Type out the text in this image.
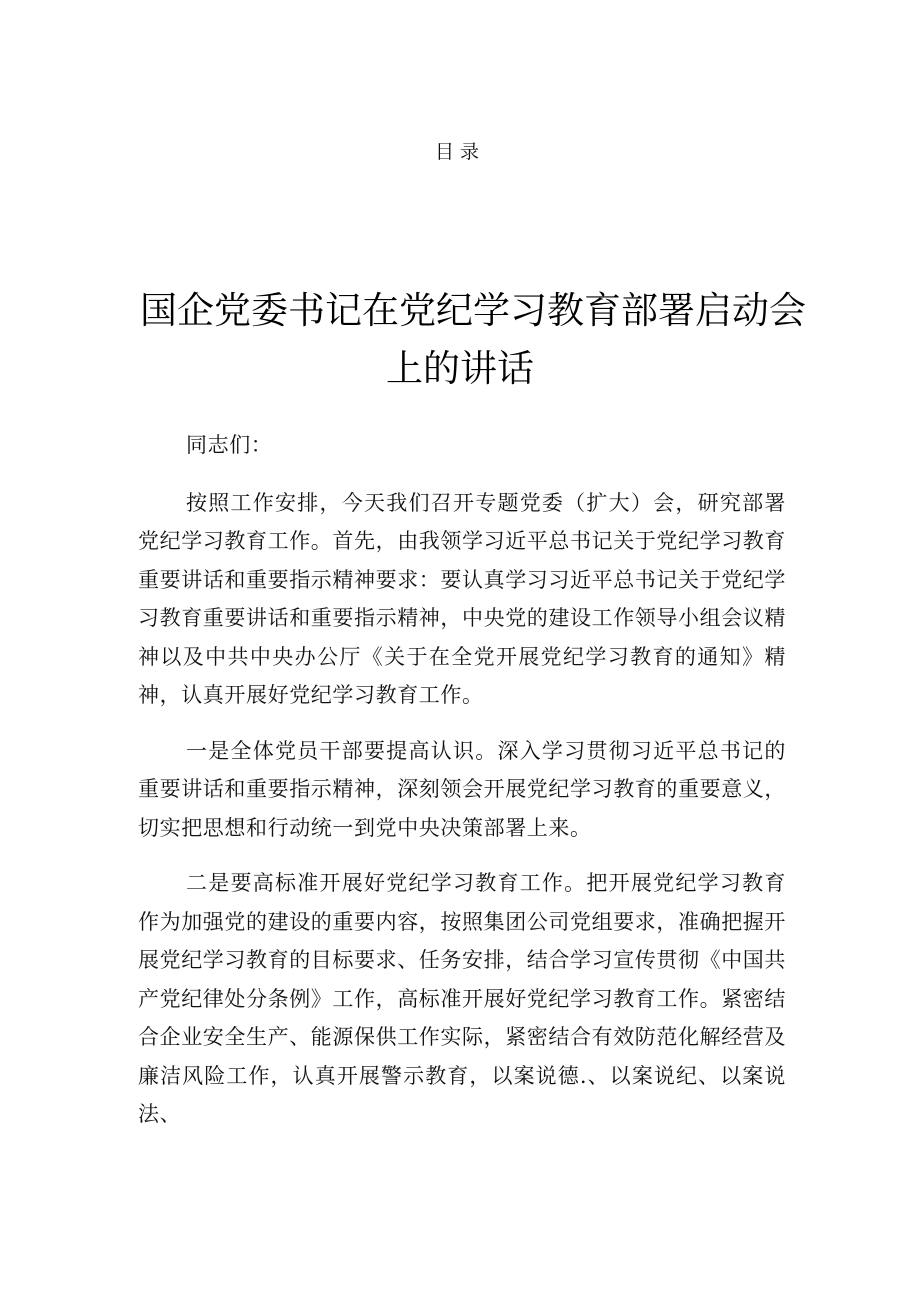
目录
国企党委书记在党纪学习教育部署启动会
上的讲话

同志们：

按照工作安排，今天我们召开专题党委（扩大）会，研究部署党纪学习教育工作。首先，由我领学习近平总书记关于党纪学习教育重要讲话和重要指示精神要求：要认真学习习近平总书记关于党纪学习教育重要讲话和重要指示精神，中央党的建设工作领导小组会议精神以及中共中央办公厅《关于在全党开展党纪学习教育的通知》精神，认真开展好党纪学习教育工作。

一是全体党员干部要提高认识。深入学习贯彻习近平总书记的重要讲话和重要指示精神，深刻领会开展党纪学习教育的重要意义，切实把思想和行动统一到党中央决策部署上来。

二是要高标准开展好党纪学习教育工作。把开展党纪学习教育作为加强党的建设的重要内容，按照集团公司党组要求，准确把握开展党纪学习教育的目标要求、任务安排，结合学习宣传贯彻《中国共产党纪律处分条例》工作，高标准开展好党纪学习教育工作。紧密结合企业安全生产、能源保供工作实际，紧密结合有效防范化解经营及廉洁风险工作，认真开展警示教育，以案说德.、以案说纪、以案说法、
